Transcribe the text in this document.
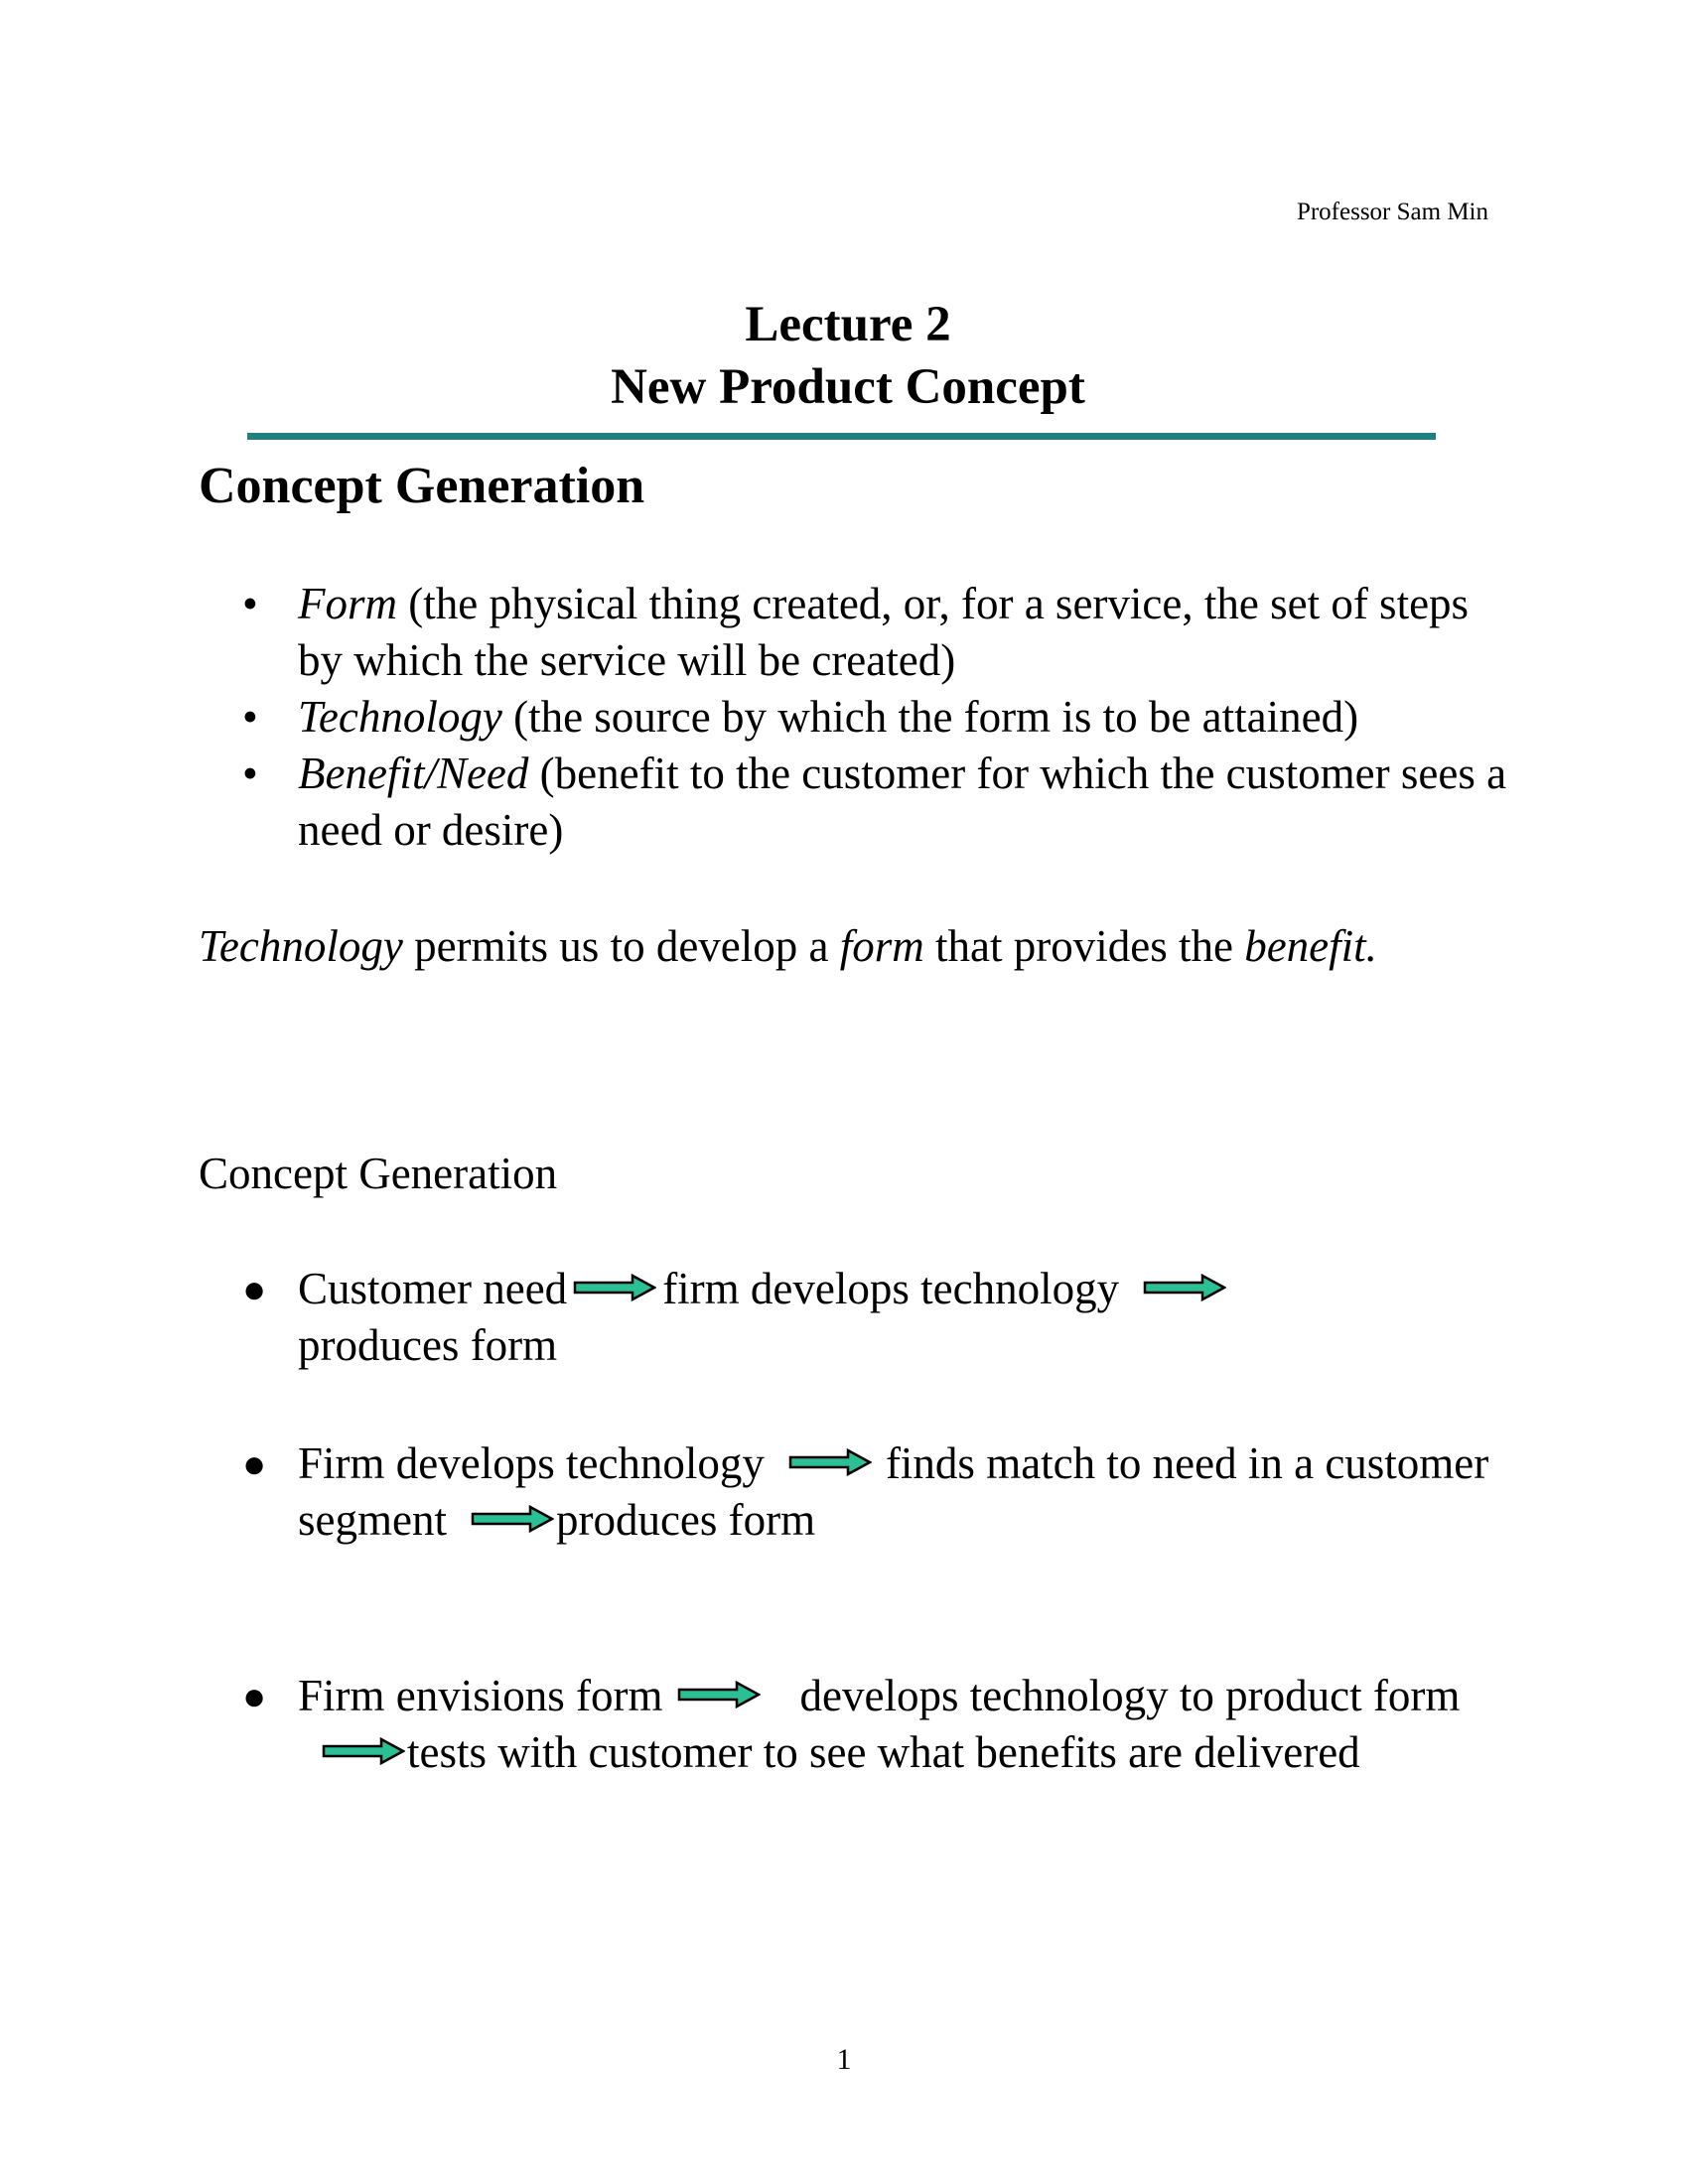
Professor Sam Min
Lecture 2
New Product Concept
Concept Generation
• Form (the physical thing created, or, for a service, the set of steps by which the service will be created)
• Technology (the source by which the form is to be attained)
• Benefit/Need (benefit to the customer for which the customer sees a need or desire)
Technology permits us to develop a form that provides the benefit.
Concept Generation
● Customer need firm develops technology

produces form
● Firm develops technology	finds match to need in a customer segment produces form
● Firm envisions form	develops technology to product form
tests with customer to see what benefits are delivered
1
